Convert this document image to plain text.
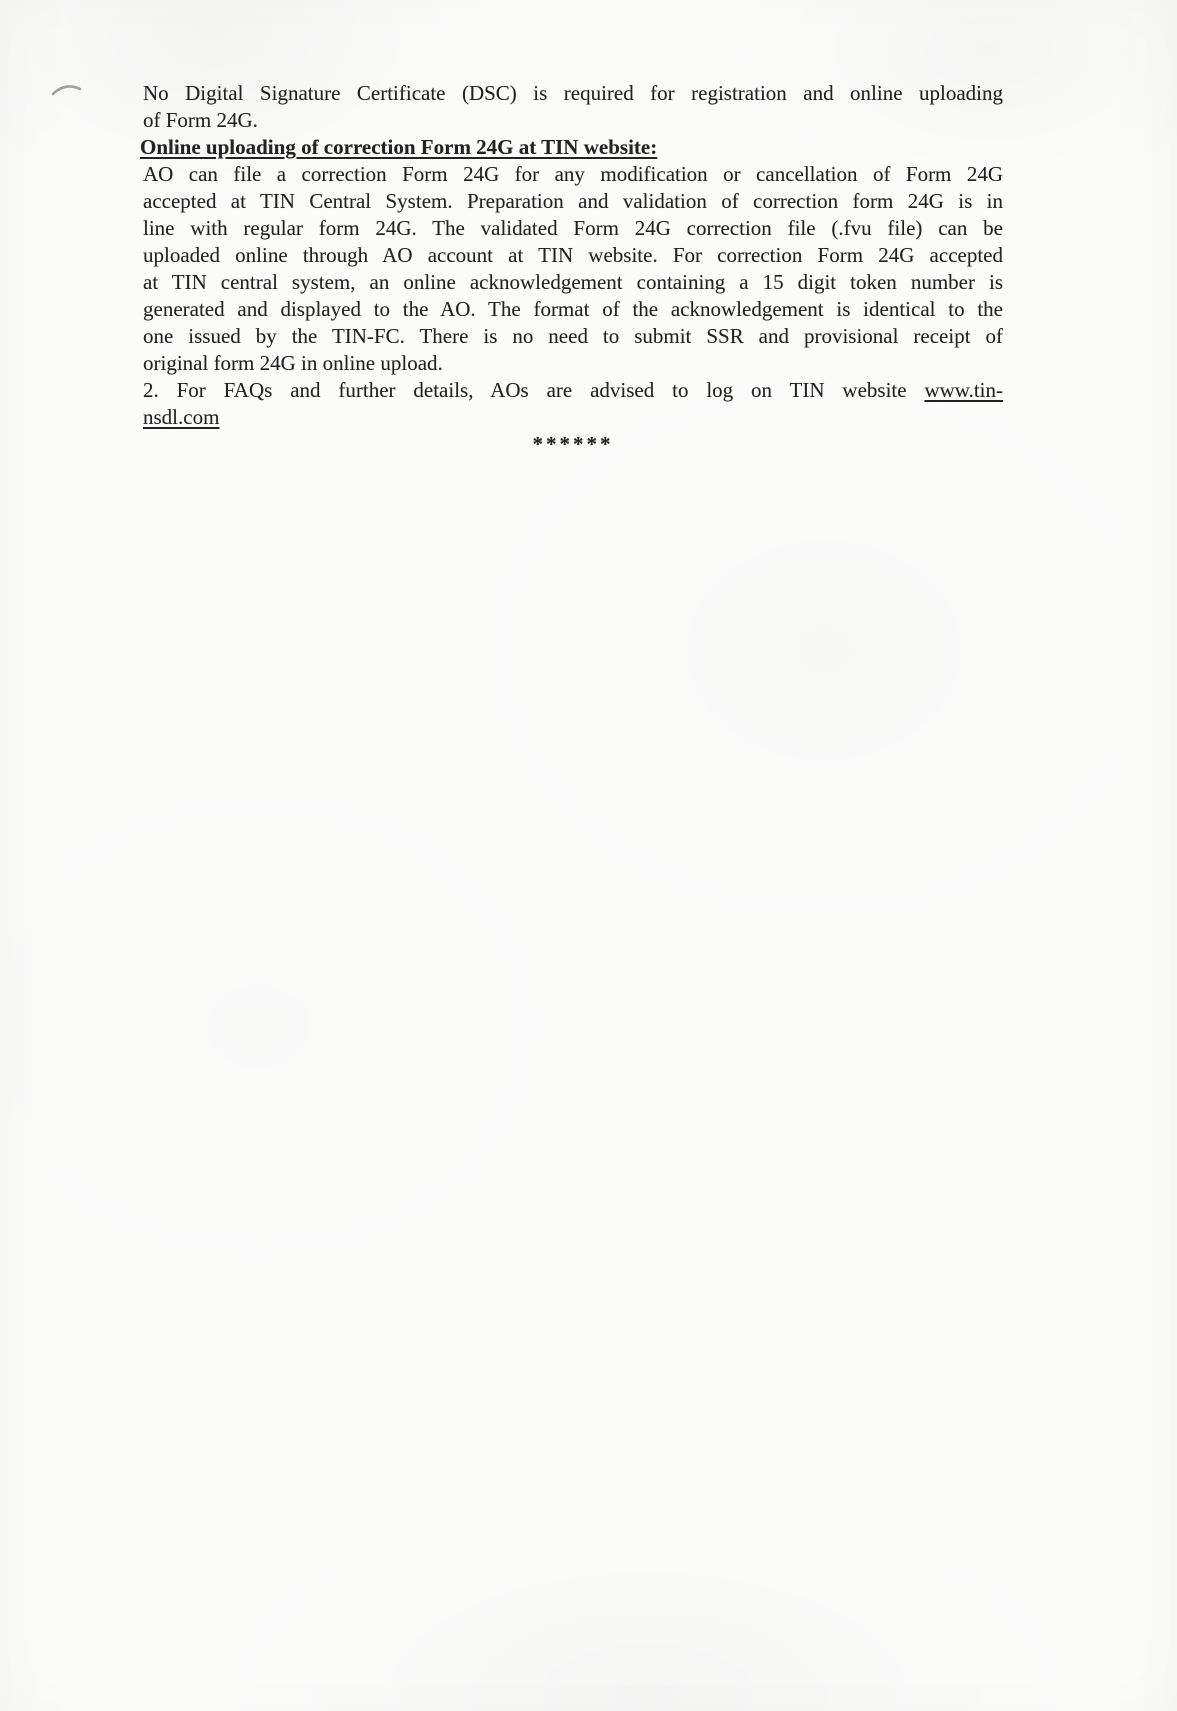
No Digital Signature Certificate (DSC) is required for registration and online uploading
of Form 24G.
Online uploading of correction Form 24G at TIN website:
AO can file a correction Form 24G for any modification or cancellation of Form 24G
accepted at TIN Central System. Preparation and validation of correction form 24G is in
line with regular form 24G. The validated Form 24G correction file (.fvu file) can be
uploaded online through AO account at TIN website. For correction Form 24G accepted
at TIN central system, an online acknowledgement containing a 15 digit token number is
generated and displayed to the AO. The format of the acknowledgement is identical to the
one issued by the TIN-FC. There is no need to submit SSR and provisional receipt of
original form 24G in online upload.
2. For FAQs and further details, AOs are advised to log on TIN website www.tin-
nsdl.com
******
